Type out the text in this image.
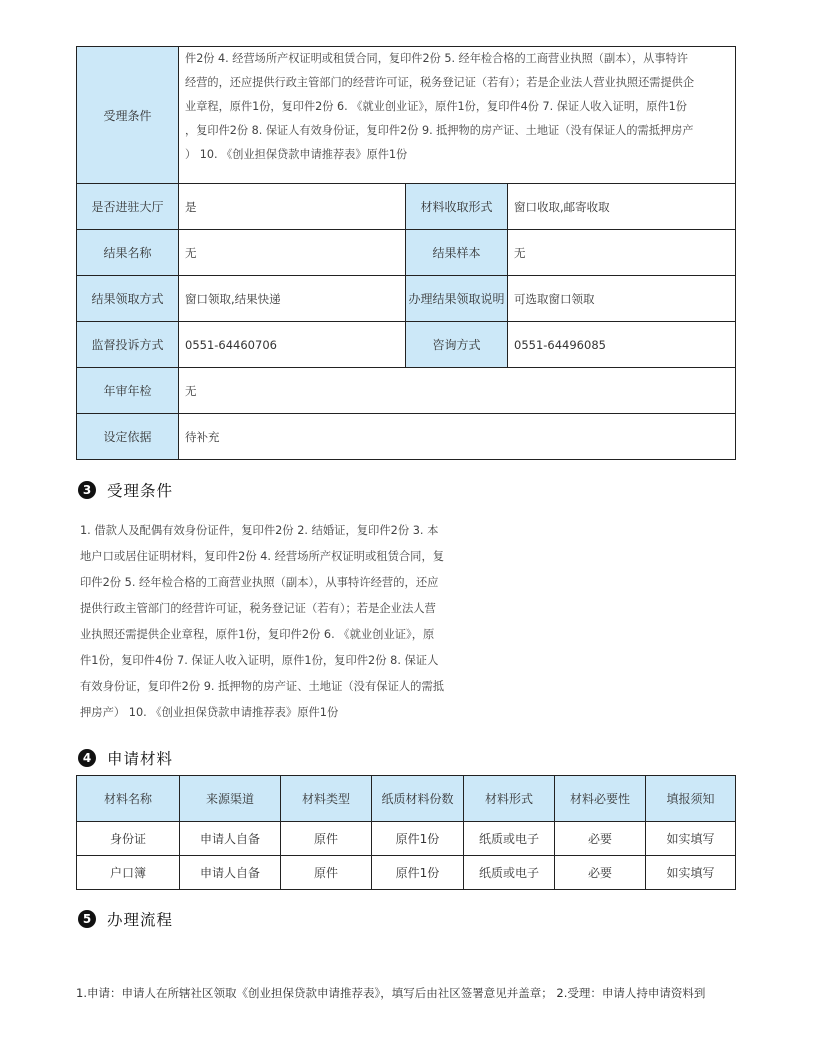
受理条件	件2份 4. 经营场所产权证明或租赁合同，复印件2份 5. 经年检合格的工商营业执照（副本），从事特许
经营的，还应提供行政主管部门的经营许可证，税务登记证（若有）；若是企业法人营业执照还需提供企
业章程，原件1份，复印件2份 6. 《就业创业证》，原件1份，复印件4份 7. 保证人收入证明，原件1份
，复印件2份 8. 保证人有效身份证，复印件2份 9. 抵押物的房产证、土地证（没有保证人的需抵押房产
） 10. 《创业担保贷款申请推荐表》原件1份		

是否进驻大厅	是	材料收取形式	窗口收取,邮寄收取
结果名称	无	结果样本	无
结果领取方式	窗口领取,结果快递	办理结果领取说明	可选取窗口领取
监督投诉方式	0551-64460706	咨询方式	0551-64496085
年审年检	无		
设定依据	待补充		
3	受理条件
1. 借款人及配偶有效身份证件，复印件2份 2. 结婚证，复印件2份 3. 本
地户口或居住证明材料，复印件2份 4. 经营场所产权证明或租赁合同，复
印件2份 5. 经年检合格的工商营业执照（副本），从事特许经营的，还应
提供行政主管部门的经营许可证，税务登记证（若有）；若是企业法人营
业执照还需提供企业章程，原件1份，复印件2份 6. 《就业创业证》，原
件1份，复印件4份 7. 保证人收入证明，原件1份，复印件2份 8. 保证人
有效身份证，复印件2份 9. 抵押物的房产证、土地证（没有保证人的需抵
押房产） 10. 《创业担保贷款申请推荐表》原件1份
4	申请材料
材料名称	来源渠道	材料类型	纸质材料份数	材料形式	材料必要性	填报须知
身份证	申请人自备	原件	原件1份	纸质或电子	必要	如实填写
户口簿	申请人自备	原件	原件1份	纸质或电子	必要	如实填写
5	办理流程
1.申请：申请人在所辖社区领取《创业担保贷款申请推荐表》，填写后由社区签署意见并盖章； 2.受理：申请人持申请资料到
